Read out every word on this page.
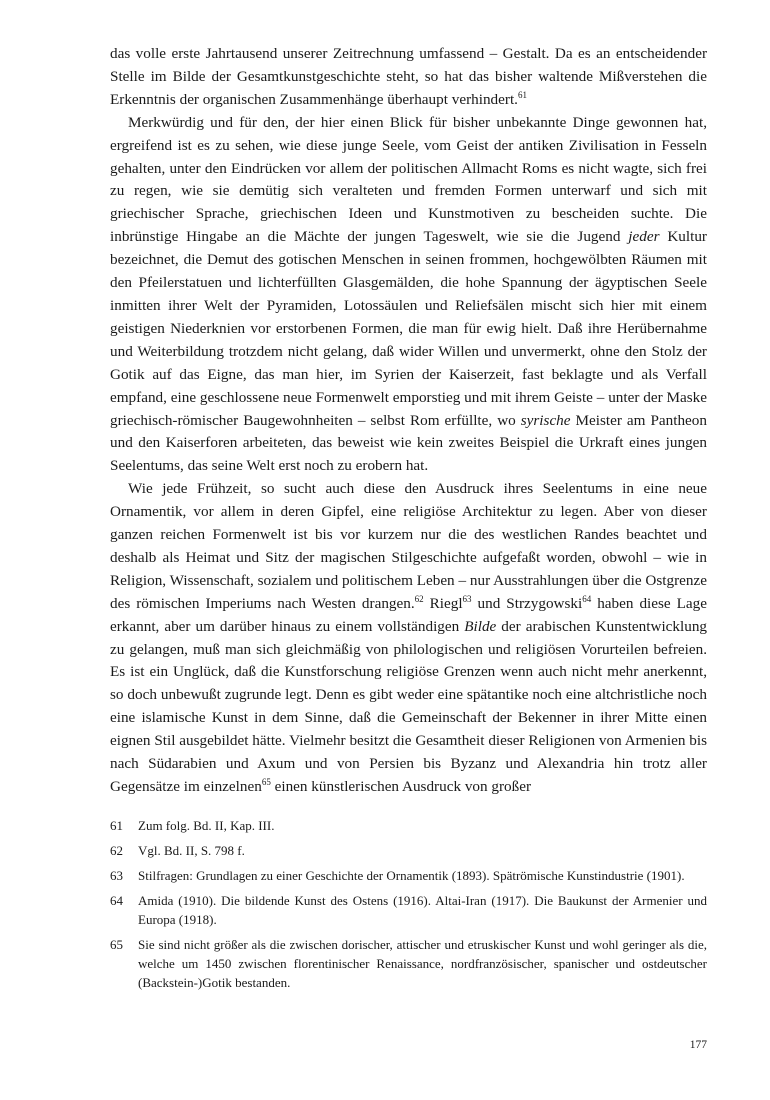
das volle erste Jahrtausend unserer Zeitrechnung umfassend – Gestalt. Da es an entscheidender Stelle im Bilde der Gesamtkunstgeschichte steht, so hat das bisher waltende Mißverstehen die Erkenntnis der organischen Zusammenhänge überhaupt verhindert.$^{61}$

Merkwürdig und für den, der hier einen Blick für bisher unbekannte Dinge gewonnen hat, ergreifend ist es zu sehen, wie diese junge Seele, vom Geist der antiken Zivilisation in Fesseln gehalten, unter den Eindrücken vor allem der politischen Allmacht Roms es nicht wagte, sich frei zu regen, wie sie demütig sich veralteten und fremden Formen unterwarf und sich mit griechischer Sprache, griechischen Ideen und Kunstmotiven zu bescheiden suchte. Die inbrünstige Hingabe an die Mächte der jungen Tageswelt, wie sie die Jugend jeder Kultur bezeichnet, die Demut des gotischen Menschen in seinen frommen, hochgewölbten Räumen mit den Pfeilerstatuen und lichterfüllten Glasgemälden, die hohe Spannung der ägyptischen Seele inmitten ihrer Welt der Pyramiden, Lotossäulen und Reliefsälen mischt sich hier mit einem geistigen Niederknien vor erstorbenen Formen, die man für ewig hielt. Daß ihre Herübernahme und Weiterbildung trotzdem nicht gelang, daß wider Willen und unvermerkt, ohne den Stolz der Gotik auf das Eigne, das man hier, im Syrien der Kaiserzeit, fast beklagte und als Verfall empfand, eine geschlossene neue Formenwelt emporstieg und mit ihrem Geiste – unter der Maske griechisch-römischer Baugewohnheiten – selbst Rom erfüllte, wo syrische Meister am Pantheon und den Kaiserforen arbeiteten, das beweist wie kein zweites Beispiel die Urkraft eines jungen Seelentums, das seine Welt erst noch zu erobern hat.

Wie jede Frühzeit, so sucht auch diese den Ausdruck ihres Seelentums in eine neue Ornamentik, vor allem in deren Gipfel, eine religiöse Architektur zu legen. Aber von dieser ganzen reichen Formenwelt ist bis vor kurzem nur die des westlichen Randes beachtet und deshalb als Heimat und Sitz der magischen Stilgeschichte aufgefaßt worden, obwohl – wie in Religion, Wissenschaft, sozialem und politischem Leben – nur Ausstrahlungen über die Ostgrenze des römischen Imperiums nach Westen drangen.$^{62}$ Riegl$^{63}$ und Strzygowski$^{64}$ haben diese Lage erkannt, aber um darüber hinaus zu einem vollständigen Bilde der arabischen Kunstentwicklung zu gelangen, muß man sich gleichmäßig von philologischen und religiösen Vorurteilen befreien. Es ist ein Unglück, daß die Kunstforschung religiöse Grenzen wenn auch nicht mehr anerkennt, so doch unbewußt zugrunde legt. Denn es gibt weder eine spätantike noch eine altchristliche noch eine islamische Kunst in dem Sinne, daß die Gemeinschaft der Bekenner in ihrer Mitte einen eignen Stil ausgebildet hätte. Vielmehr besitzt die Gesamtheit dieser Religionen von Armenien bis nach Südarabien und Axum und von Persien bis Byzanz und Alexandria hin trotz aller Gegensätze im einzelnen$^{65}$ einen künstlerischen Ausdruck von großer

61	Zum folg. Bd. II, Kap. III.
62	Vgl. Bd. II, S. 798 f.
63	Stilfragen: Grundlagen zu einer Geschichte der Ornamentik (1893). Spätrömische Kunstindustrie (1901).
64	Amida (1910). Die bildende Kunst des Ostens (1916). Altai-Iran (1917). Die Baukunst der Armenier und Europa (1918).
65	Sie sind nicht größer als die zwischen dorischer, attischer und etruskischer Kunst und wohl geringer als die, welche um 1450 zwischen florentinischer Renaissance, nordfranzösischer, spanischer und ostdeutscher (Backstein-)Gotik bestanden.
177
